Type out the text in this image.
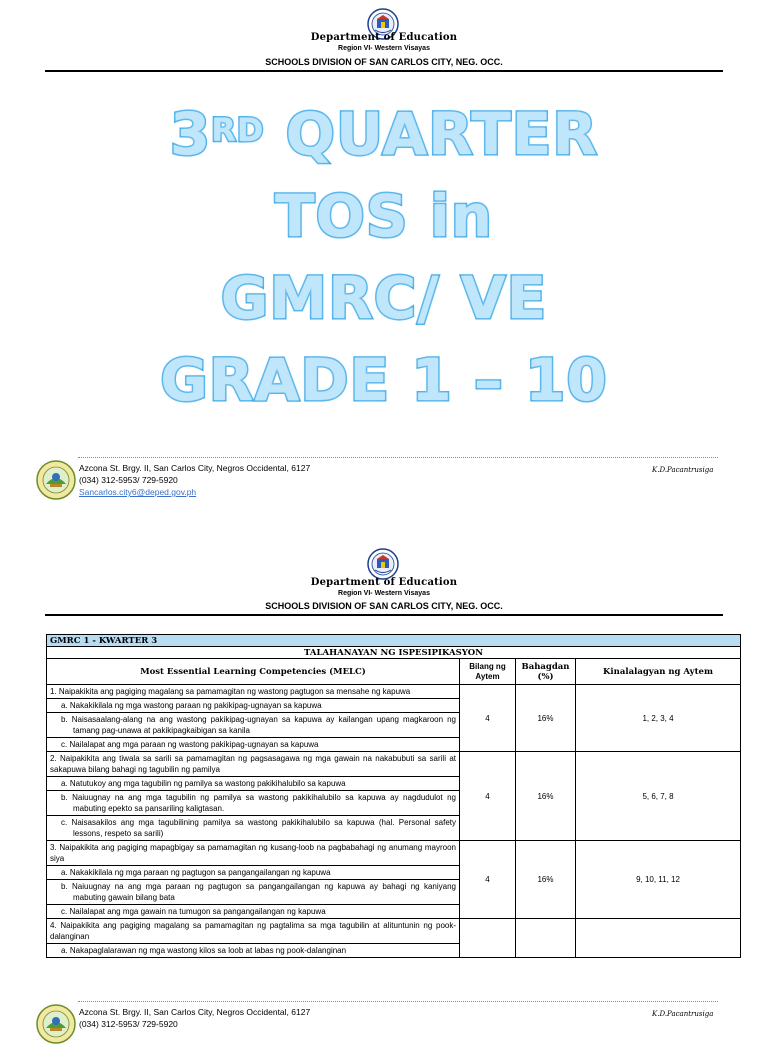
Department of Education
Region VI- Western Visayas
SCHOOLS DIVISION OF SAN CARLOS CITY, NEG. OCC.
3RD QUARTER
TOS in
GMRC/ VE
GRADE 1 – 10
Azcona St. Brgy. II, San Carlos City, Negros Occidental, 6127
(034) 312-5953/ 729-5920
Sancarlos.city6@deped.gov.ph
K.D.Pacantrusiga
Department of Education
Region VI- Western Visayas
SCHOOLS DIVISION OF SAN CARLOS CITY, NEG. OCC.
GMRC 1 - KWARTER 3			
TALAHANAYAN NG ISPESIPIKASYON			
Most Essential Learning Competencies (MELC)	Bilang ng Aytem	Bahagdan (%)	Kinalalagyan ng Aytem
1. Naipakikita ang pagiging magalang sa pamamagitan ng wastong pagtugon sa mensahe ng kapuwa	4	16%	1, 2, 3, 4
a. Nakakikilala ng mga wastong paraan ng pakikipag-ugnayan sa kapuwa			
b. Naisasaalang-alang na ang wastong pakikipag-ugnayan sa kapuwa ay kailangan upang magkaroon ng tamang pag-unawa at pakikipagkaibigan sa kanila			
c. Nailalapat ang mga paraan ng wastong pakikipag-ugnayan sa kapuwa			
2. Naipakikita ang tiwala sa sarili sa pamamagitan ng pagsasagawa ng mga gawain na nakabubuti sa sarili at sakapuwa bilang bahagi ng tagubilin ng pamilya	4	16%	5, 6, 7, 8
a. Natutukoy ang mga tagubilin ng pamilya sa wastong pakikihalubilo sa kapuwa			
b. Naiuugnay na ang mga tagubilin ng pamilya sa wastong pakikihalubilo sa kapuwa ay nagdudulot ng mabuting epekto sa pansariling kaligtasan.			
c. Naisasakilos ang mga tagubilining pamilya sa wastong pakikihalubilo sa kapuwa (hal. Personal safety lessons, respeto sa sarili)			
3. Naipakikita ang pagiging mapagbigay sa pamamagitan ng kusang-loob na pagbabahagi ng anumang mayroon siya	4	16%	9, 10, 11, 12
a. Nakakikilala ng mga paraan ng pagtugon sa pangangailangan ng kapuwa			
b. Naiuugnay na ang mga paraan ng pagtugon sa pangangailangan ng kapuwa ay bahagi ng kaniyang mabuting gawain bilang bata			
c. Nailalapat ang mga gawain na tumugon sa pangangailangan ng kapuwa			
4. Naipakikita ang pagiging magalang sa pamamagitan ng pagtalima sa mga tagubilin at alituntunin ng pook-dalanginan			
a. Nakapaglalarawan ng mga wastong kilos sa loob at labas ng pook-dalanginan			
Azcona St. Brgy. II, San Carlos City, Negros Occidental, 6127
(034) 312-5953/ 729-5920
K.D.Pacantrusiga
